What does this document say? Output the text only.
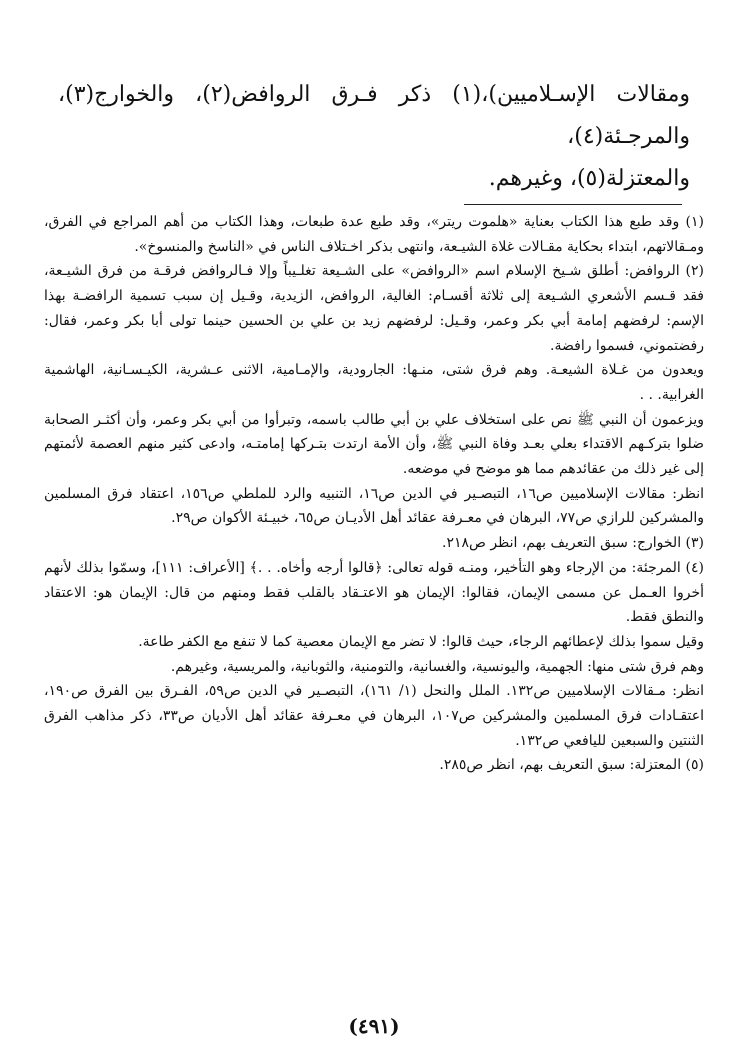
ومقالات الإسـلاميين)،(١) ذكر فـرق الروافض(٢)، والخوارج(٣)، والمرجـئة(٤)،

والمعتزلة(٥)، وغيرهم.

(١) وقد طبع هذا الكتاب بعناية «هلموت ريتر»، وقد طبع عدة طبعات، وهذا الكتاب من أهم المراجع في الفرق، ومـقالاتهم، ابتداء بحكاية مقـالات غلاة الشيـعة، وانتهى بذكر اخـتلاف الناس في «الناسخ والمنسوخ».

(٢) الروافض: أطلق شـيخ الإسلام اسم «الروافض» على الشـيعة تغلـيباً وإلا فـالروافض فرقـة من فرق الشيـعة، فقد قـسم الأشعري الشـيعة إلى ثلاثة أقسـام: الغالية، الروافض، الزيدية، وقـيل إن سبب تسمية الرافضـة بهذا الإسم: لرفضهم إمامة أبي بكر وعمر، وقـيل: لرفضهم زيد بن علي بن الحسين حينما تولى أبا بكر وعمر، فقال: رفضتموني، فسموا رافضة.

ويعدون من غـلاة الشيعـة. وهم فرق شتى، منـها: الجارودية، والإمـامية، الاثنى عـشرية، الكيـسـانية، الهاشمية الغرابية. . .

ويزعمون أن النبي ﷺ نص على استخلاف علي بن أبي طالب باسمه، وتبرأوا من أبي بكر وعمر، وأن أكثـر الصحابة ضلوا بتركـهم الاقتداء بعلي بعـد وفاة النبي ﷺ، وأن الأمة ارتدت بتـركها إمامتـه، وادعى كثير منهم العصمة لأئمتهم إلى غير ذلك من عقائدهم مما هو موضح في موضعه.

انظر: مقالات الإسلاميين ص١٦، التبصـير في الدين ص١٦، التنبيه والرد للملطي ص١٥٦، اعتقاد فرق المسلمين والمشركين للرازي ص٧٧، البرهان في معـرفة عقائد أهل الأديـان ص٦٥، خبيـئة الأكوان ص٢٩.

(٣) الخوارج: سبق التعريف بهم، انظر ص٢١٨.

(٤) المرجئة: من الإرجاء وهو التأخير، ومنـه قوله تعالى: ﴿قالوا أرجه وأخاه. . .﴾ [الأعراف: ١١١]، وسمّوا بذلك لأنهم أخروا العـمل عن مسمى الإيمان، فقالوا: الإيمان هو الاعتـقاد بالقلب فقط ومنهم من قال: الإيمان هو: الاعتقاد والنطق فقط.

وقيل سموا بذلك لإعطائهم الرجاء، حيث قالوا: لا تضر مع الإيمان معصية كما لا تنفع مع الكفر طاعة.

وهم فرق شتى منها: الجهمية، واليونسية، والغسانية، والتومنية، والثوبانية، والمريسية، وغيرهم.

انظر: مـقالات الإسلاميين ص١٣٢. الملل والنحل (١/ ١٦١)، التبصـير في الدين ص٥٩، الفـرق بين الفرق ص١٩٠، اعتقـادات فرق المسلمين والمشركين ص١٠٧، البرهان في معـرفة عقائد أهل الأديان ص٣٣، ذكر مذاهب الفرق الثنتين والسبعين لليافعي ص١٣٢.

(٥) المعتزلة: سبق التعريف بهم، انظر ص٢٨٥.

(٤٩١)
